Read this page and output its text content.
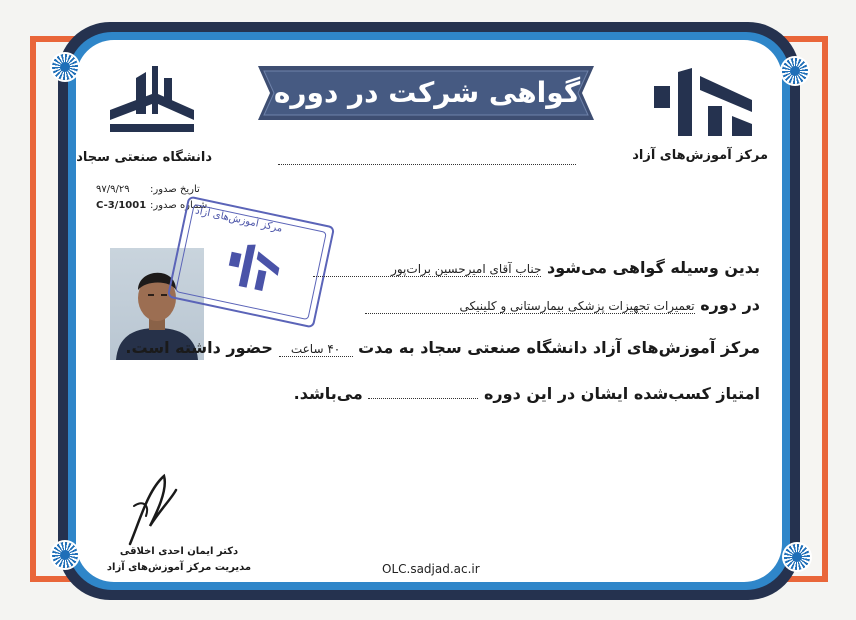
گواهی شرکت در دوره
دانشگاه صنعتی سجاد	مرکز آموزش‌های آزاد
۹۷/۹/۲۹ تاریخ صدور:
C-3/1001 شماره صدور:
مرکز آموزش‌های آزاد
بدین وسیله گواهی می‌شود جناب آقای امیرحسین برات‌پور
در دوره تعمیرات تجهیزات پزشکی بیمارستانی و کلینیکی
مرکز آموزش‌های آزاد دانشگاه صنعتی سجاد به مدت ۴۰ ساعت حضور داشته است.
امتیاز کسب‌شده ایشان در این دوره  می‌باشد.
دکتر ایمان احدی اخلاقی
مدیریت مرکز آموزش‌های آزاد	OLC.sadjad.ac.ir
